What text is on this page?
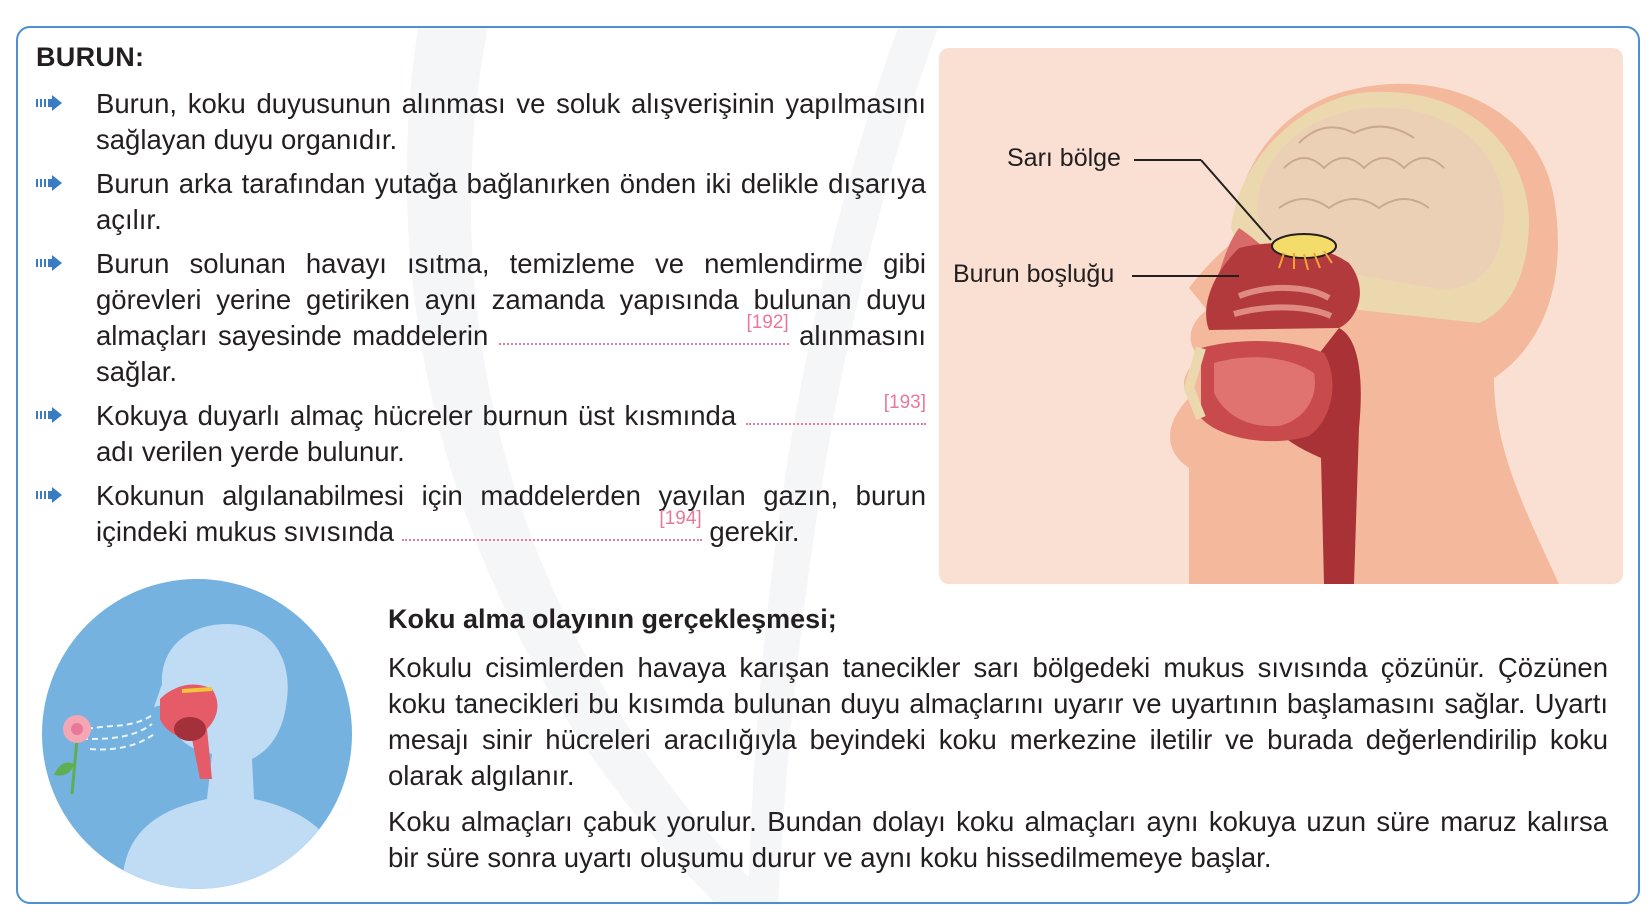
BURUN:
Burun, koku duyusunun alınması ve soluk alışverişinin yapılmasını sağlayan duyu organıdır.
Burun arka tarafından yutağa bağlanırken önden iki delikle dışarıya açılır.
Burun solunan havayı ısıtma, temizleme ve nemlendirme gibi görevleri yerine getiriken aynı zamanda yapısında bulunan duyu almaçları sayesinde maddelerin	[192] alınmasını sağlar.
Kokuya duyarlı almaç hücreler burnun üst kısmında	[193]
adı verilen yerde bulunur.
Kokunun algılanabilmesi için maddelerden yayılan gazın, burun içindeki mukus sıvısında	[194] gerekir.
Sarı bölge
Burun boşluğu
Koku alma olayının gerçekleşmesi;

Kokulu cisimlerden havaya karışan tanecikler sarı bölgedeki mukus sıvısında çözünür. Çözünen koku tanecikleri bu kısımda bulunan duyu almaçlarını uyarır ve uyartının başlamasını sağlar. Uyartı mesajı sinir hücreleri aracılığıyla beyindeki koku merkezine iletilir ve burada değerlendirilip koku olarak algılanır.

Koku almaçları çabuk yorulur. Bundan dolayı koku almaçları aynı kokuya uzun süre maruz kalırsa bir süre sonra uyartı oluşumu durur ve aynı koku hissedilmemeye başlar.
